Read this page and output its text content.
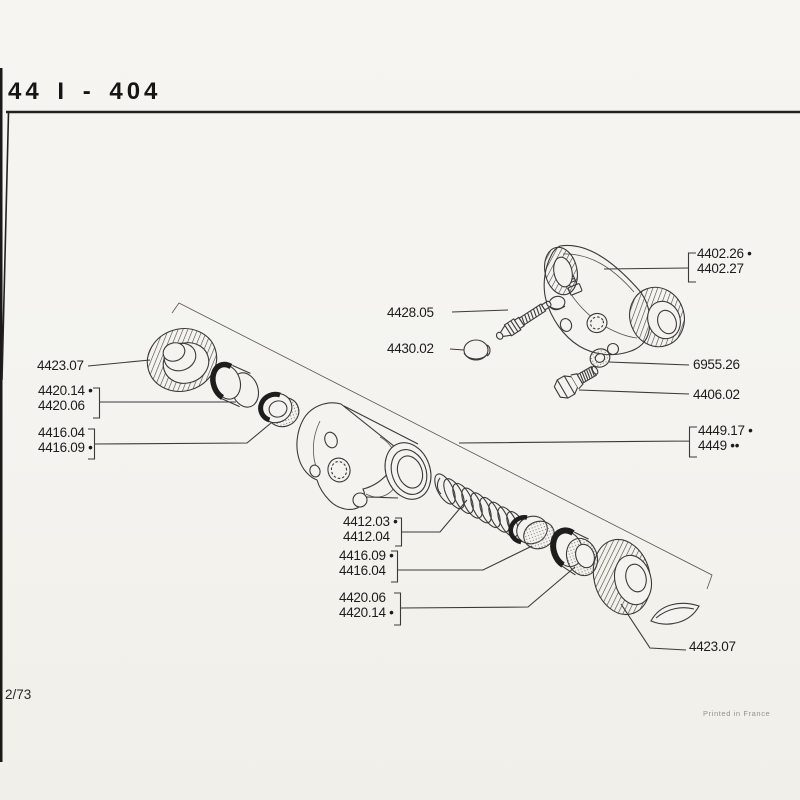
44 I - 404
4402.26 •
4402.27
4428.05
4430.02
6955.26
4406.02
4423.07
4420.14 •
4420.06
4416.04
4416.09 •
4449.17 •
4449 ••
4412.03 •
4412.04
4416.09 •
4416.04
4420.06
4420.14 •
4423.07
2/73
Printed in France
